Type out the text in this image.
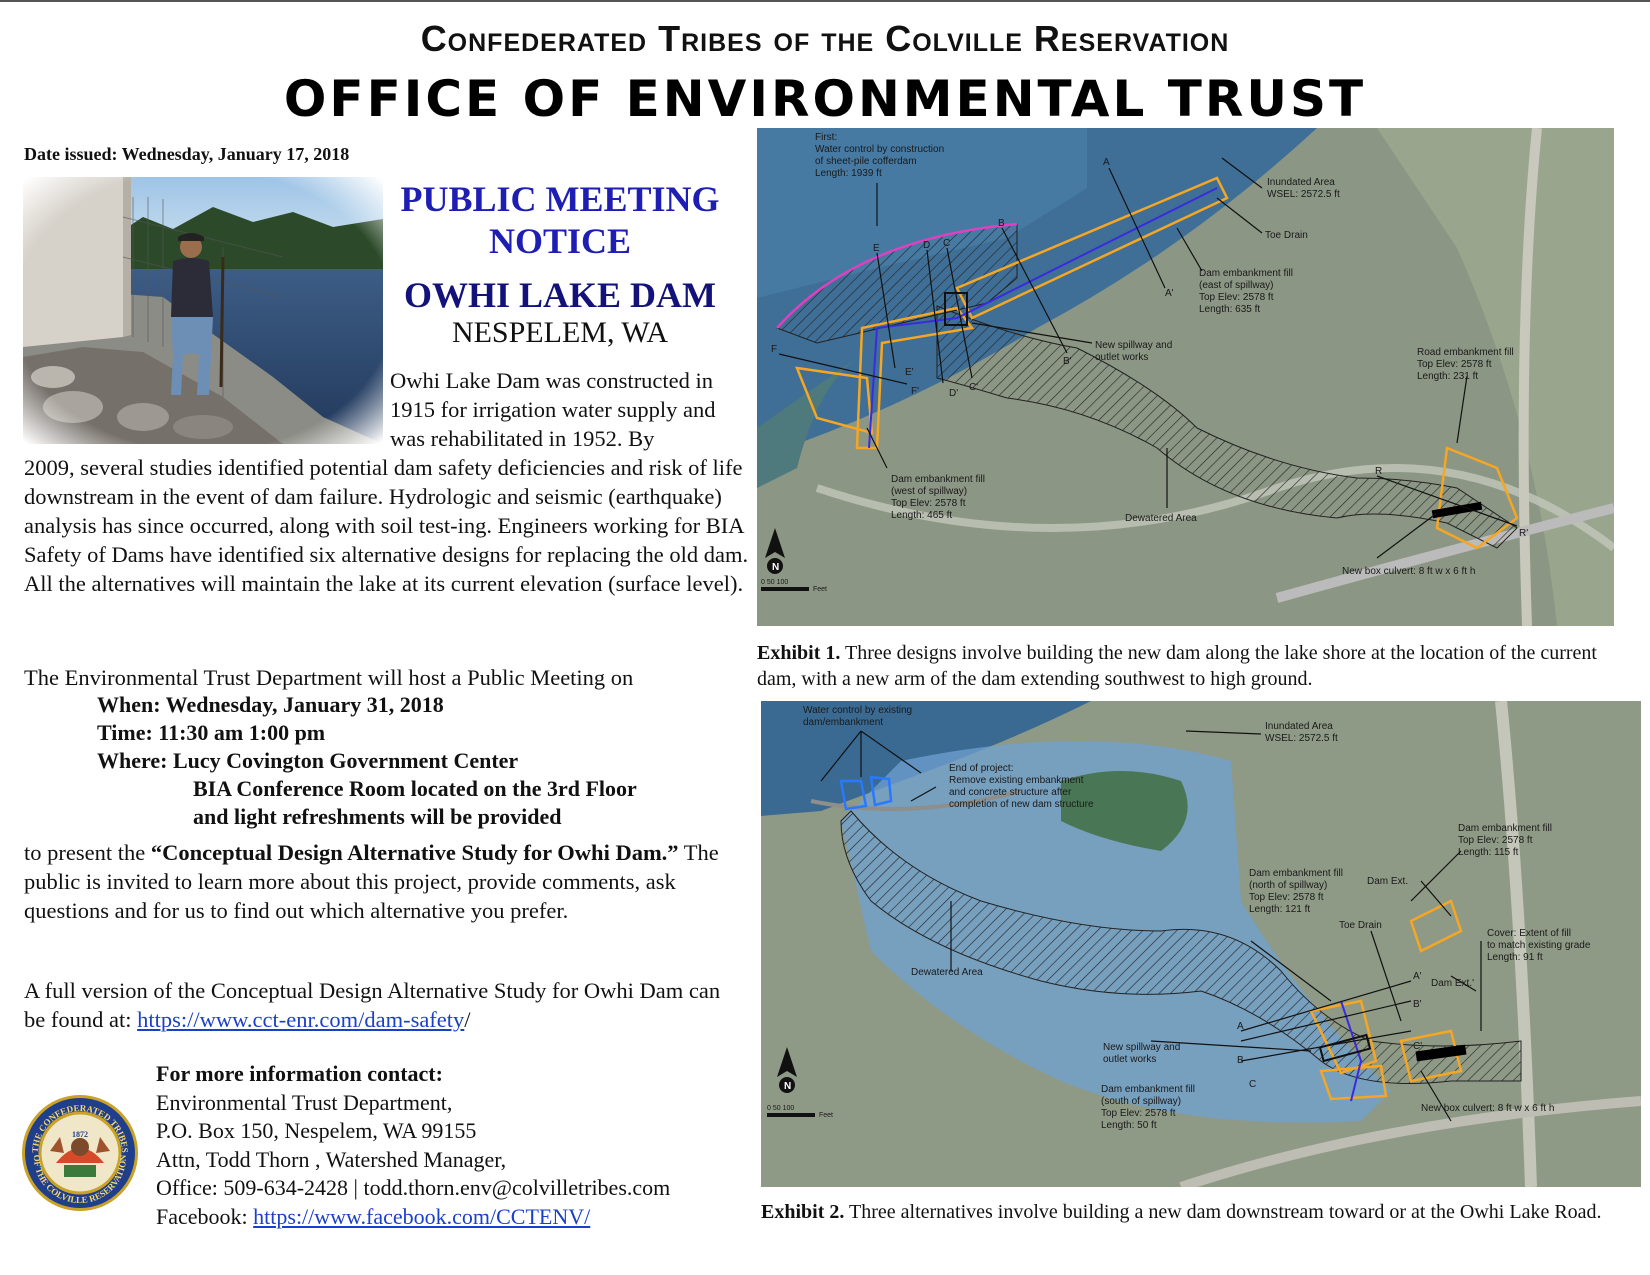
Confederated Tribes of the Colville Reservation
OFFICE OF ENVIRONMENTAL TRUST
Date issued: Wednesday, January 17, 2018
PUBLIC MEETING
NOTICE
OWHI LAKE DAM
NESPELEM, WA
Owhi Lake Dam was constructed in 1915 for irrigation water supply and was rehabilitated in 1952. By
2009, several studies identified potential dam safety deficiencies and risk of life downstream in the event of dam failure. Hydrologic and seismic (earthquake) analysis has since occurred, along with soil test-ing. Engineers working for BIA Safety of Dams have identified six alternative designs for replacing the old dam. All the alternatives will maintain the lake at its current elevation (surface level).
The Environmental Trust Department will host a Public Meeting on
When: Wednesday, January 31, 2018
Time: 11:30 am 1:00 pm
Where: Lucy Covington Government Center
BIA Conference Room located on the 3rd Floor
and light refreshments will be provided
to present the “Conceptual Design Alternative Study for Owhi Dam.” The public is invited to learn more about this project, provide comments, ask questions and for us to find out which alternative you prefer.
A full version of the Conceptual Design Alternative Study for Owhi Dam can be found at: https://www.cct-enr.com/dam-safety/
THE CONFEDERATED TRIBES
OF THE COLVILLE RESERVATION
1872
For more information contact:
Environmental Trust Department,
P.O. Box 150, Nespelem, WA 99155
Attn, Todd Thorn , Watershed Manager,
Office: 509-634-2428 | todd.thorn.env@colvilletribes.com
Facebook: https://www.facebook.com/CCTENV/
First:
Water control by construction
of sheet-pile cofferdam
Length: 1939 ft
Inundated Area
WSEL: 2572.5 ft
Toe Drain
Dam embankment fill
(east of spillway)
Top Elev: 2578 ft
Length: 635 ft
New spillway and
outlet works	Road embankment fill
Top Elev: 2578 ft
Length: 231 ft
Dam embankment fill
(west of spillway)
Top Elev: 2578 ft
Length: 465 ft	Dewatered Area
New box culvert: 8 ft w x 6 ft h
A
A'
B
B'
C
C'
D
D'
E
E'
F
F'
R
R'
N
0 50 100
Feet
Exhibit 1. Three designs involve building the new dam along the lake shore at the location of the current dam, with a new arm of the dam extending southwest to high ground.
Water control by existing
dam/embankment	Inundated Area
WSEL: 2572.5 ft
End of project:
Remove existing embankment
and concrete structure after
completion of new dam structure
Dam embankment fill
Top Elev: 2578 ft
Length: 115 ft
Dam Ext.
Dam embankment fill
(north of spillway)
Top Elev: 2578 ft
Length: 121 ft
Toe Drain
Cover: Extent of fill
to match existing grade
Length: 91 ft
Dam Ext.'
Dewatered Area
New spillway and
outlet works
Dam embankment fill
(south of spillway)
Top Elev: 2578 ft
Length: 50 ft
New box culvert: 8 ft w x 6 ft h
A
A'
B
B'
C
C'
N
0 50 100
Feet
Exhibit 2. Three alternatives involve building a new dam downstream toward or at the Owhi Lake Road.
